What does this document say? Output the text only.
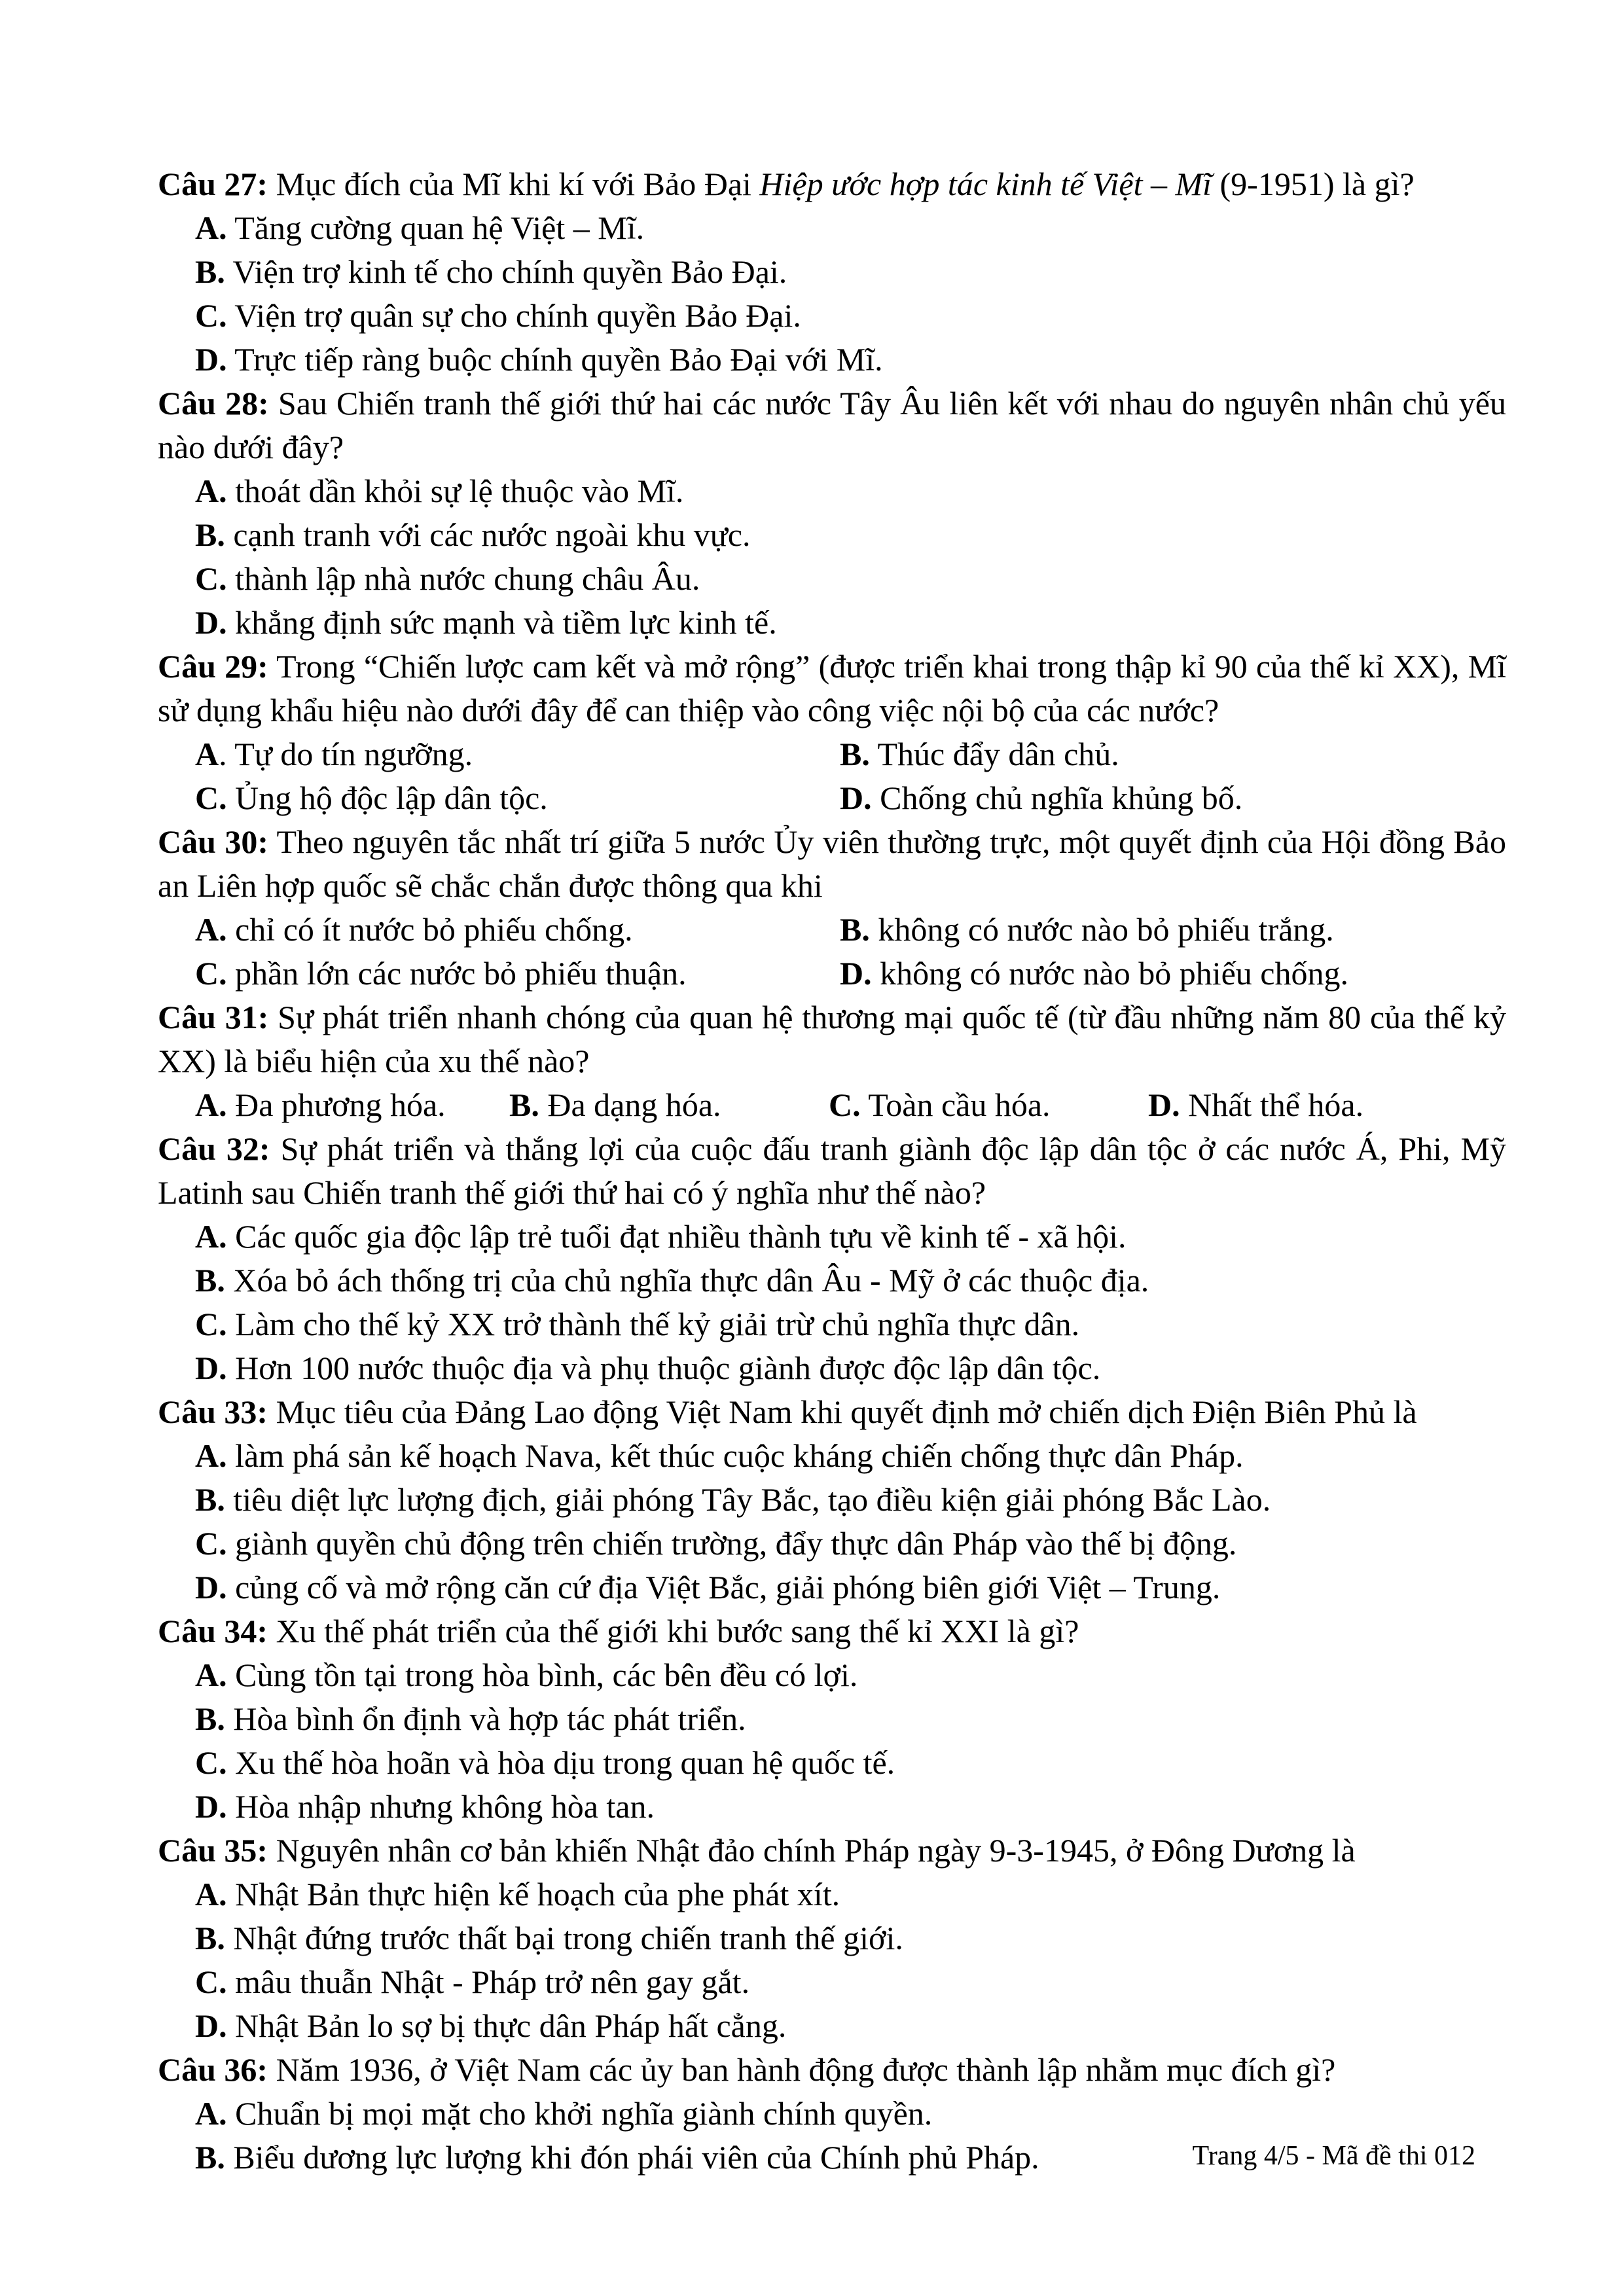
Câu 27: Mục đích của Mĩ khi kí với Bảo Đại Hiệp ước hợp tác kinh tế Việt – Mĩ (9-1951) là gì?

A. Tăng cường quan hệ Việt – Mĩ.
B. Viện trợ kinh tế cho chính quyền Bảo Đại.
C. Viện trợ quân sự cho chính quyền Bảo Đại.
D. Trực tiếp ràng buộc chính quyền Bảo Đại với Mĩ.

Câu 28: Sau Chiến tranh thế giới thứ hai các nước Tây Âu liên kết với nhau do nguyên nhân chủ yếu nào dưới đây?

A. thoát dần khỏi sự lệ thuộc vào Mĩ.
B. cạnh tranh với các nước ngoài khu vực.
C. thành lập nhà nước chung châu Âu.
D. khẳng định sức mạnh và tiềm lực kinh tế.

Câu 29: Trong “Chiến lược cam kết và mở rộng” (được triển khai trong thập kỉ 90 của thế kỉ XX), Mĩ sử dụng khẩu hiệu nào dưới đây để can thiệp vào công việc nội bộ của các nước?

A. Tự do tín ngưỡng.	B. Thúc đẩy dân chủ.
C. Ủng hộ độc lập dân tộc.	D. Chống chủ nghĩa khủng bố.

Câu 30: Theo nguyên tắc nhất trí giữa 5 nước Ủy viên thường trực, một quyết định của Hội đồng Bảo an Liên hợp quốc sẽ chắc chắn được thông qua khi

A. chỉ có ít nước bỏ phiếu chống.	B. không có nước nào bỏ phiếu trắng.
C. phần lớn các nước bỏ phiếu thuận.	D. không có nước nào bỏ phiếu chống.

Câu 31: Sự phát triển nhanh chóng của quan hệ thương mại quốc tế (từ đầu những năm 80 của thế kỷ XX) là biểu hiện của xu thế nào?

A. Đa phương hóa.	B. Đa dạng hóa.	C. Toàn cầu hóa.	D. Nhất thể hóa.

Câu 32: Sự phát triển và thắng lợi của cuộc đấu tranh giành độc lập dân tộc ở các nước Á, Phi, Mỹ Latinh sau Chiến tranh thế giới thứ hai có ý nghĩa như thế nào?

A. Các quốc gia độc lập trẻ tuổi đạt nhiều thành tựu về kinh tế - xã hội.
B. Xóa bỏ ách thống trị của chủ nghĩa thực dân Âu - Mỹ ở các thuộc địa.
C. Làm cho thế kỷ XX trở thành thế kỷ giải trừ chủ nghĩa thực dân.
D. Hơn 100 nước thuộc địa và phụ thuộc giành được độc lập dân tộc.

Câu 33: Mục tiêu của Đảng Lao động Việt Nam khi quyết định mở chiến dịch Điện Biên Phủ là

A. làm phá sản kế hoạch Nava, kết thúc cuộc kháng chiến chống thực dân Pháp.
B. tiêu diệt lực lượng địch, giải phóng Tây Bắc, tạo điều kiện giải phóng Bắc Lào.
C. giành quyền chủ động trên chiến trường, đẩy thực dân Pháp vào thế bị động.
D. củng cố và mở rộng căn cứ địa Việt Bắc, giải phóng biên giới Việt – Trung.

Câu 34: Xu thế phát triển của thế giới khi bước sang thế kỉ XXI là gì?

A. Cùng tồn tại trong hòa bình, các bên đều có lợi.
B. Hòa bình ổn định và hợp tác phát triển.
C. Xu thế hòa hoãn và hòa dịu trong quan hệ quốc tế.
D. Hòa nhập nhưng không hòa tan.

Câu 35: Nguyên nhân cơ bản khiến Nhật đảo chính Pháp ngày 9-3-1945, ở Đông Dương là

A. Nhật Bản thực hiện kế hoạch của phe phát xít.
B. Nhật đứng trước thất bại trong chiến tranh thế giới.
C. mâu thuẫn Nhật - Pháp trở nên gay gắt.
D. Nhật Bản lo sợ bị thực dân Pháp hất cẳng.

Câu 36: Năm 1936, ở Việt Nam các ủy ban hành động được thành lập nhằm mục đích gì?

A. Chuẩn bị mọi mặt cho khởi nghĩa giành chính quyền.
B. Biểu dương lực lượng khi đón phái viên của Chính phủ Pháp.	Trang 4/5 - Mã đề thi 012
